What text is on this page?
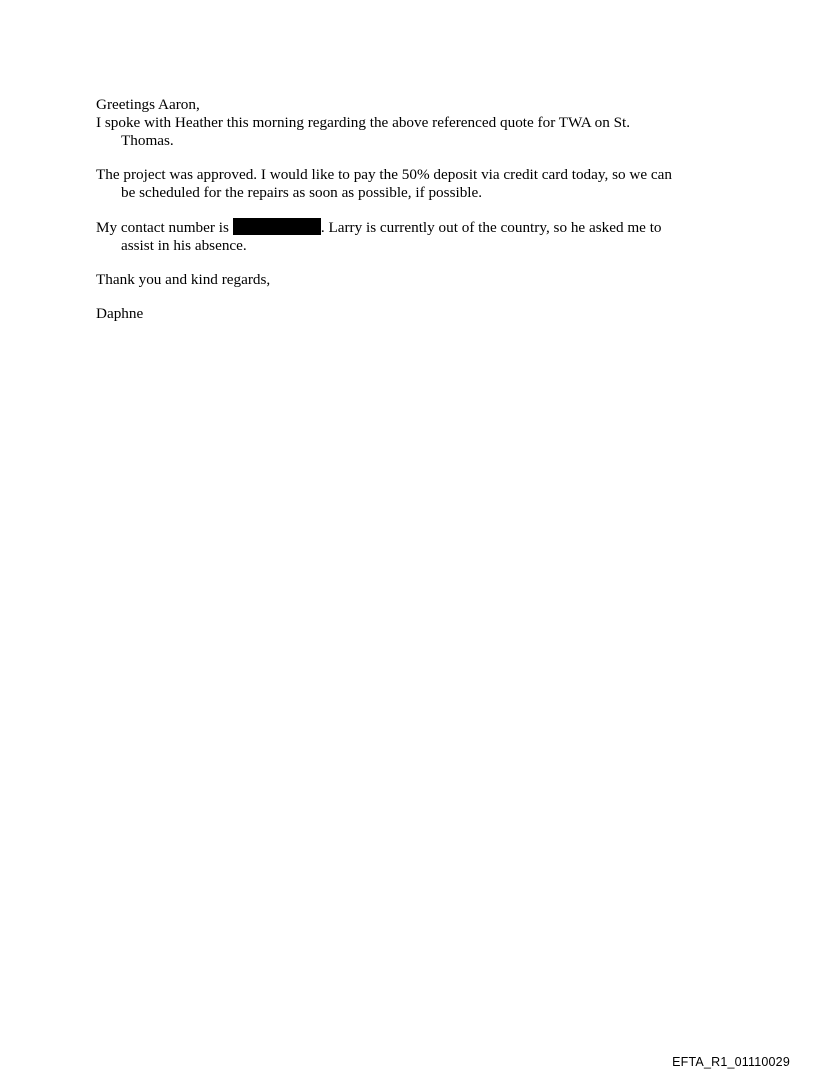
Greetings Aaron,
I spoke with Heather this morning regarding the above referenced quote for TWA on St.
Thomas.
The project was approved. I would like to pay the 50% deposit via credit card today, so we can
be scheduled for the repairs as soon as possible, if possible.
My contact number is	. Larry is currently out of the country, so he asked me to
assist in his absence.
Thank you and kind regards,
Daphne
EFTA_R1_01110029
